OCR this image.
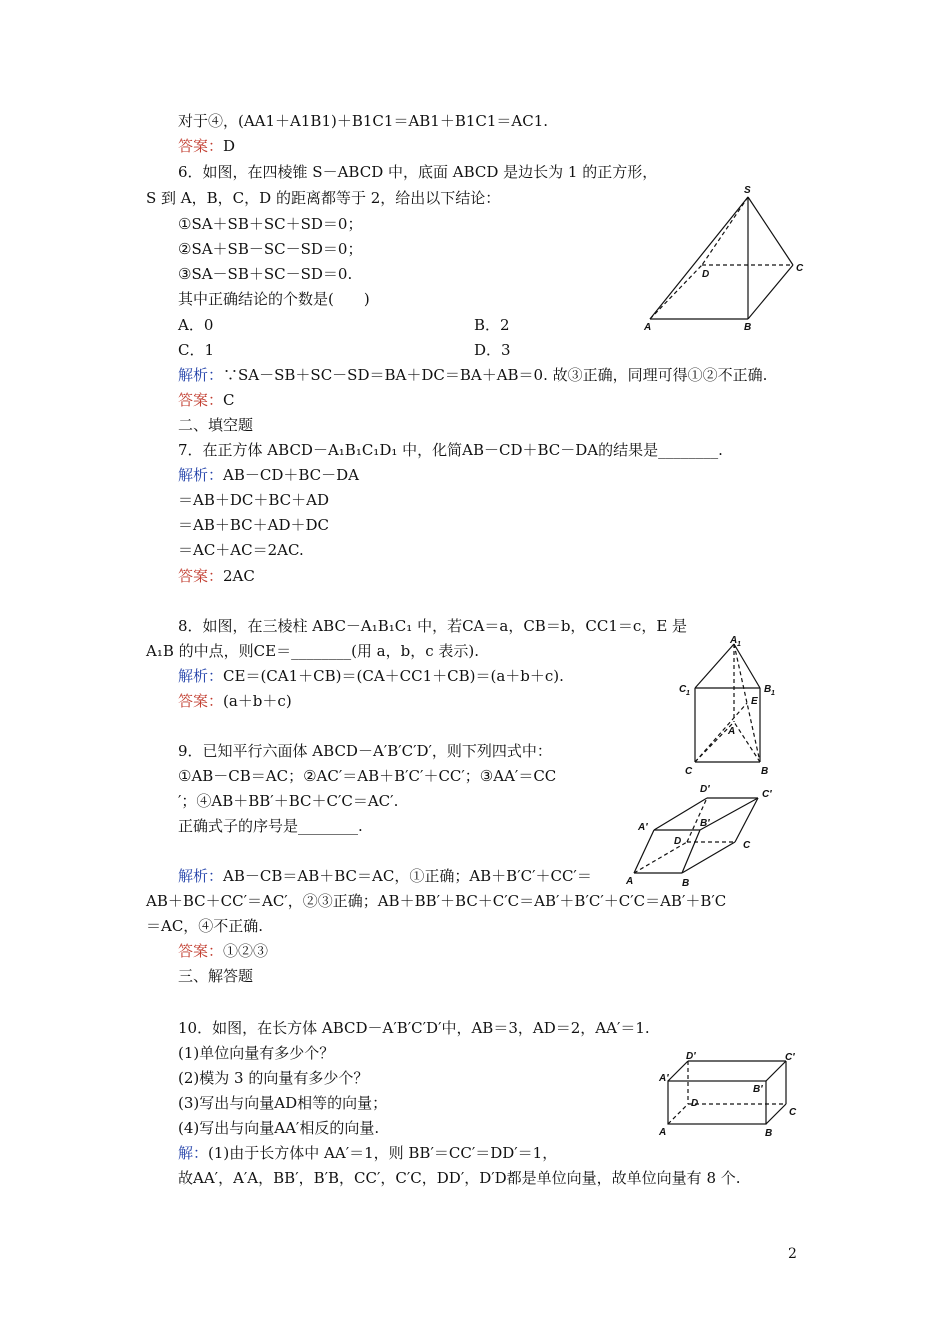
对于④，(AA1＋A1B1)＋B1C1＝AB1＋B1C1＝AC1.
答案：D
6．如图，在四棱锥 S－ABCD 中，底面 ABCD 是边长为 1 的正方形，
S 到 A，B，C，D 的距离都等于 2，给出以下结论：
①SA＋SB＋SC＋SD＝0；
②SA＋SB－SC－SD＝0；
③SA－SB＋SC－SD＝0.
其中正确结论的个数是(　　)
A．0	B．2
C．1	D．3
解析：∵SA－SB＋SC－SD＝BA＋DC＝BA＋AB＝0. 故③正确，同理可得①②不正确.
答案：C
二、填空题
7．在正方体 ABCD－A₁B₁C₁D₁ 中，化简AB－CD＋BC－DA的结果是________.
解析：AB－CD＋BC－DA
＝AB＋DC＋BC＋AD
＝AB＋BC＋AD＋DC
＝AC＋AC＝2AC.
答案：2AC
8．如图，在三棱柱 ABC－A₁B₁C₁ 中，若CA＝a，CB＝b，CC1＝c，E 是
A₁B 的中点，则CE＝________(用 a，b，c 表示).
解析：CE＝(CA1＋CB)＝(CA＋CC1＋CB)＝(a＋b＋c).
答案：(a＋b＋c)
9．已知平行六面体 ABCD－A′B′C′D′，则下列四式中：
①AB－CB＝AC；②AC′＝AB＋B′C′＋CC′；③AA′＝CC
′；④AB＋BB′＋BC＋C′C＝AC′.
正确式子的序号是________.
解析：AB－CB＝AB＋BC＝AC，①正确；AB＋B′C′＋CC′＝
AB＋BC＋CC′＝AC′，②③正确；AB＋BB′＋BC＋C′C＝AB′＋B′C′＋C′C＝AB′＋B′C
＝AC，④不正确.
答案：①②③
三、解答题
10．如图，在长方体 ABCD－A′B′C′D′中，AB＝3，AD＝2，AA′＝1.
(1)单位向量有多少个？
(2)模为 3 的向量有多少个？
(3)写出与向量AD相等的向量；
(4)写出与向量AA′相反的向量.
解：(1)由于长方体中 AA′＝1，则 BB′＝CC′＝DD′＝1，
故AA′，A′A，BB′，B′B，CC′，C′C，DD′，D′D都是单位向量，故单位向量有 8 个.
S
A	B
C
D
A 1
C 1	B 1
E
A
C	B
A	B
C
D
A′	B′
C′
D′
A	B
C
D
A′
B′
C′
D′
2
